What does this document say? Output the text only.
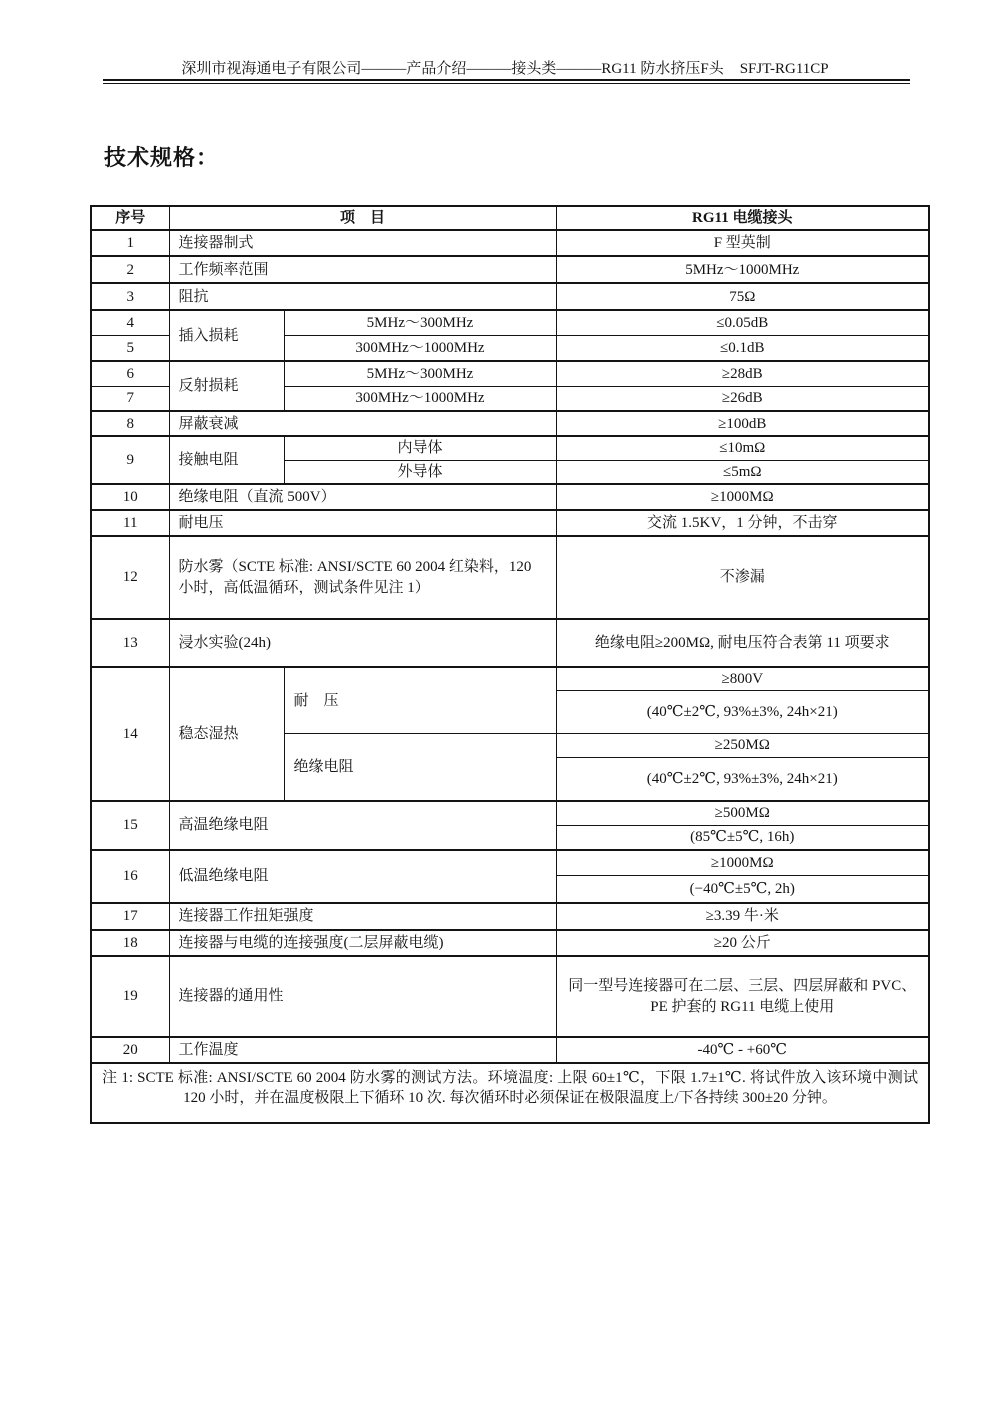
深圳市视海通电子有限公司———产品介绍———接头类———RG11 防水挤压F头 SFJT-RG11CP
技术规格：
序号	项　目		RG11 电缆接头
1	连接器制式		F 型英制
2	工作频率范围		5MHz～1000MHz
3	阻抗		75Ω
4	插入损耗	5MHz～300MHz	≤0.05dB
5		300MHz～1000MHz	≤0.1dB
6	反射损耗	5MHz～300MHz	≥28dB
7		300MHz～1000MHz	≥26dB
8	屏蔽衰减		≥100dB
9	接触电阻	内导体	≤10mΩ
		外导体	≤5mΩ
10	绝缘电阻（直流 500V）		≥1000MΩ
11	耐电压		交流 1.5KV，1 分钟，不击穿
12	防水雾（SCTE 标准: ANSI/SCTE 60 2004 红染料，120 小时，高低温循环，测试条件见注 1）		不渗漏
13	浸水实验(24h)		绝缘电阻≥200MΩ, 耐电压符合表第 11 项要求
14	稳态湿热	耐　压	≥800V
			(40℃±2℃, 93%±3%, 24h×21)
		绝缘电阻	≥250MΩ
			(40℃±2℃, 93%±3%, 24h×21)
15	高温绝缘电阻		≥500MΩ
			(85℃±5℃, 16h)
16	低温绝缘电阻		≥1000MΩ
			(−40℃±5℃, 2h)
17	连接器工作扭矩强度		≥3.39 牛·米
18	连接器与电缆的连接强度(二层屏蔽电缆)		≥20 公斤
19	连接器的通用性		同一型号连接器可在二层、三层、四层屏蔽和 PVC、PE 护套的 RG11 电缆上使用
20	工作温度		-40℃ - +60℃
注 1: SCTE 标准: ANSI/SCTE 60 2004 防水雾的测试方法。环境温度: 上限 60±1℃，下限 1.7±1℃. 将试件放入该环境中测试 120 小时，并在温度极限上下循环 10 次. 每次循环时必须保证在极限温度上/下各持续 300±20 分钟。			
